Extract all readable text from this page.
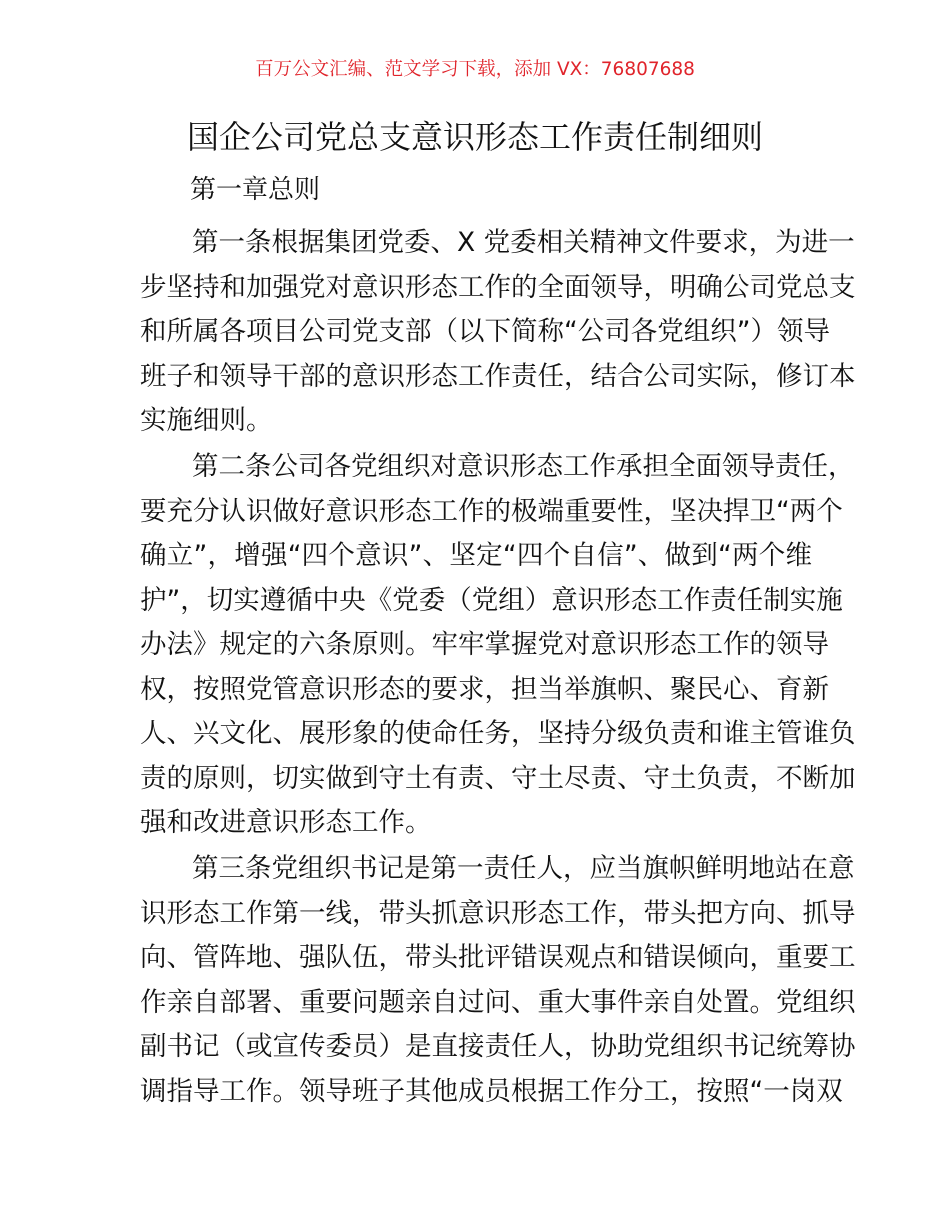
百万公文汇编、范文学习下载，添加 VX：76807688
国企公司党总支意识形态工作责任制细则
第一章总则
第一条根据集团党委、X 党委相关精神文件要求，为进一
步坚持和加强党对意识形态工作的全面领导，明确公司党总支
和所属各项目公司党支部（以下简称“公司各党组织”）领导
班子和领导干部的意识形态工作责任，结合公司实际，修订本
实施细则。
第二条公司各党组织对意识形态工作承担全面领导责任，
要充分认识做好意识形态工作的极端重要性，坚决捍卫“两个
确立”，增强“四个意识”、坚定“四个自信”、做到“两个维
护”，切实遵循中央《党委（党组）意识形态工作责任制实施
办法》规定的六条原则。牢牢掌握党对意识形态工作的领导
权，按照党管意识形态的要求，担当举旗帜、聚民心、育新
人、兴文化、展形象的使命任务，坚持分级负责和谁主管谁负
责的原则，切实做到守土有责、守土尽责、守土负责，不断加
强和改进意识形态工作。
第三条党组织书记是第一责任人，应当旗帜鲜明地站在意
识形态工作第一线，带头抓意识形态工作，带头把方向、抓导
向、管阵地、强队伍，带头批评错误观点和错误倾向，重要工
作亲自部署、重要问题亲自过问、重大事件亲自处置。党组织
副书记（或宣传委员）是直接责任人，协助党组织书记统筹协
调指导工作。领导班子其他成员根据工作分工，按照“一岗双
